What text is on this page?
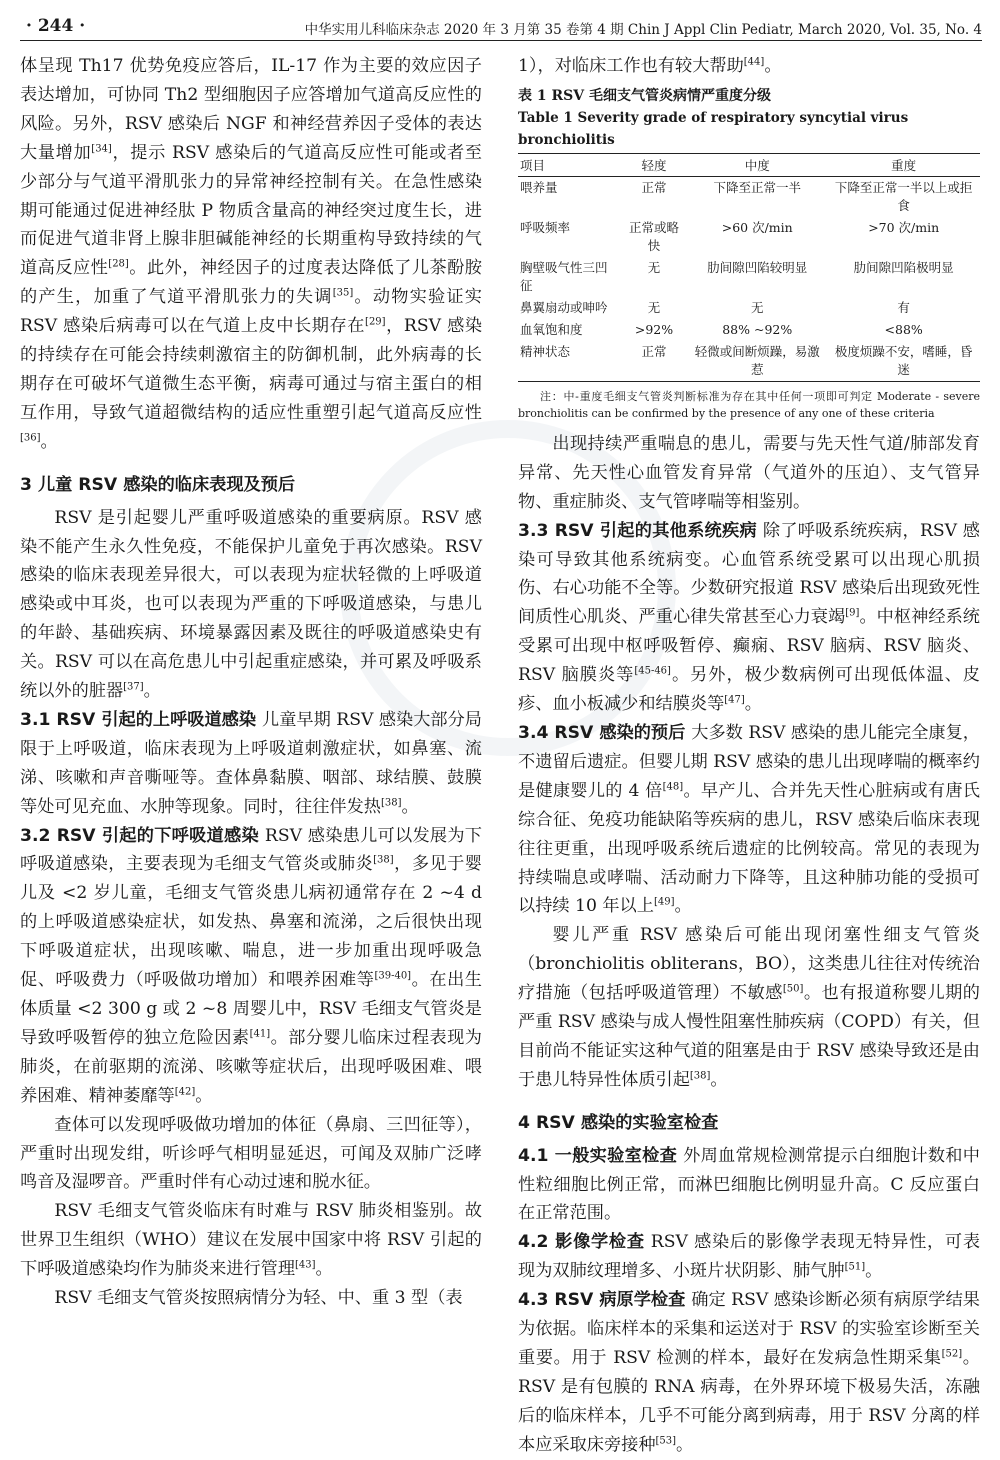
· 244 ·	中华实用儿科临床杂志 2020 年 3 月第 35 卷第 4 期 Chin J Appl Clin Pediatr, March 2020, Vol. 35, No. 4

体呈现 Th17 优势免疫应答后，IL-17 作为主要的效应因子表达增加，可协同 Th2 型细胞因子应答增加气道高反应性的风险。另外，RSV 感染后 NGF 和神经营养因子受体的表达大量增加[34]，提示 RSV 感染后的气道高反应性可能或者至少部分与气道平滑肌张力的异常神经控制有关。在急性感染期可能通过促进神经肽 P 物质含量高的神经突过度生长，进而促进气道非肾上腺非胆碱能神经的长期重构导致持续的气道高反应性[28]。此外，神经因子的过度表达降低了儿茶酚胺的产生，加重了气道平滑肌张力的失调[35]。动物实验证实 RSV 感染后病毒可以在气道上皮中长期存在[29]，RSV 感染的持续存在可能会持续刺激宿主的防御机制，此外病毒的长期存在可破坏气道微生态平衡，病毒可通过与宿主蛋白的相互作用，导致气道超微结构的适应性重塑引起气道高反应性[36]。

3 儿童 RSV 感染的临床表现及预后

RSV 是引起婴儿严重呼吸道感染的重要病原。RSV 感染不能产生永久性免疫，不能保护儿童免于再次感染。RSV 感染的临床表现差异很大，可以表现为症状轻微的上呼吸道感染或中耳炎，也可以表现为严重的下呼吸道感染，与患儿的年龄、基础疾病、环境暴露因素及既往的呼吸道感染史有关。RSV 可以在高危患儿中引起重症感染，并可累及呼吸系统以外的脏器[37]。

3.1 RSV 引起的上呼吸道感染 儿童早期 RSV 感染大部分局限于上呼吸道，临床表现为上呼吸道刺激症状，如鼻塞、流涕、咳嗽和声音嘶哑等。查体鼻黏膜、咽部、球结膜、鼓膜等处可见充血、水肿等现象。同时，往往伴发热[38]。

3.2 RSV 引起的下呼吸道感染 RSV 感染患儿可以发展为下呼吸道感染，主要表现为毛细支气管炎或肺炎[38]，多见于婴儿及 <2 岁儿童，毛细支气管炎患儿病初通常存在 2 ~4 d 的上呼吸道感染症状，如发热、鼻塞和流涕，之后很快出现下呼吸道症状，出现咳嗽、喘息，进一步加重出现呼吸急促、呼吸费力（呼吸做功增加）和喂养困难等[39-40]。在出生体质量 <2 300 g 或 2 ~8 周婴儿中，RSV 毛细支气管炎是导致呼吸暂停的独立危险因素[41]。部分婴儿临床过程表现为肺炎，在前驱期的流涕、咳嗽等症状后，出现呼吸困难、喂养困难、精神萎靡等[42]。

查体可以发现呼吸做功增加的体征（鼻扇、三凹征等），严重时出现发绀，听诊呼气相明显延迟，可闻及双肺广泛哮鸣音及湿啰音。严重时伴有心动过速和脱水征。

RSV 毛细支气管炎临床有时难与 RSV 肺炎相鉴别。故世界卫生组织（WHO）建议在发展中国家中将 RSV 引起的下呼吸道感染均作为肺炎来进行管理[43]。

RSV 毛细支气管炎按照病情分为轻、中、重 3 型（表

1），对临床工作也有较大帮助[44]。

表 1 RSV 毛细支气管炎病情严重度分级
Table 1 Severity grade of respiratory syncytial virus bronchiolitis
项目	轻度	中度	重度
喂养量	正常	下降至正常一半	下降至正常一半以上或拒食
呼吸频率	正常或略快	>60 次/min	>70 次/min
胸壁吸气性三凹征	无	肋间隙凹陷较明显	肋间隙凹陷极明显
鼻翼扇动或呻吟	无	无	有
血氧饱和度	>92%	88% ~92%	<88%
精神状态	正常	轻微或间断烦躁，易激惹	极度烦躁不安，嗜睡，昏迷
注：中-重度毛细支气管炎判断标准为存在其中任何一项即可判定 Moderate - severe bronchiolitis can be confirmed by the presence of any one of these criteria

出现持续严重喘息的患儿，需要与先天性气道/肺部发育异常、先天性心血管发育异常（气道外的压迫）、支气管异物、重症肺炎、支气管哮喘等相鉴别。

3.3 RSV 引起的其他系统疾病 除了呼吸系统疾病，RSV 感染可导致其他系统病变。心血管系统受累可以出现心肌损伤、右心功能不全等。少数研究报道 RSV 感染后出现致死性间质性心肌炎、严重心律失常甚至心力衰竭[9]。中枢神经系统受累可出现中枢呼吸暂停、癫痫、RSV 脑病、RSV 脑炎、RSV 脑膜炎等[45-46]。另外，极少数病例可出现低体温、皮疹、血小板减少和结膜炎等[47]。

3.4 RSV 感染的预后 大多数 RSV 感染的患儿能完全康复，不遗留后遗症。但婴儿期 RSV 感染的患儿出现哮喘的概率约是健康婴儿的 4 倍[48]。早产儿、合并先天性心脏病或有唐氏综合征、免疫功能缺陷等疾病的患儿，RSV 感染后临床表现往往更重，出现呼吸系统后遗症的比例较高。常见的表现为持续喘息或哮喘、活动耐力下降等，且这种肺功能的受损可以持续 10 年以上[49]。

婴儿严重 RSV 感染后可能出现闭塞性细支气管炎（bronchiolitis obliterans，BO），这类患儿往往对传统治疗措施（包括呼吸道管理）不敏感[50]。也有报道称婴儿期的严重 RSV 感染与成人慢性阻塞性肺疾病（COPD）有关，但目前尚不能证实这种气道的阻塞是由于 RSV 感染导致还是由于患儿特异性体质引起[38]。

4 RSV 感染的实验室检查

4.1 一般实验室检查 外周血常规检测常提示白细胞计数和中性粒细胞比例正常，而淋巴细胞比例明显升高。C 反应蛋白在正常范围。

4.2 影像学检查 RSV 感染后的影像学表现无特异性，可表现为双肺纹理增多、小斑片状阴影、肺气肿[51]。

4.3 RSV 病原学检查 确定 RSV 感染诊断必须有病原学结果为依据。临床样本的采集和运送对于 RSV 的实验室诊断至关重要。用于 RSV 检测的样本，最好在发病急性期采集[52]。RSV 是有包膜的 RNA 病毒，在外界环境下极易失活，冻融后的临床样本，几乎不可能分离到病毒，用于 RSV 分离的样本应采取床旁接种[53]。
